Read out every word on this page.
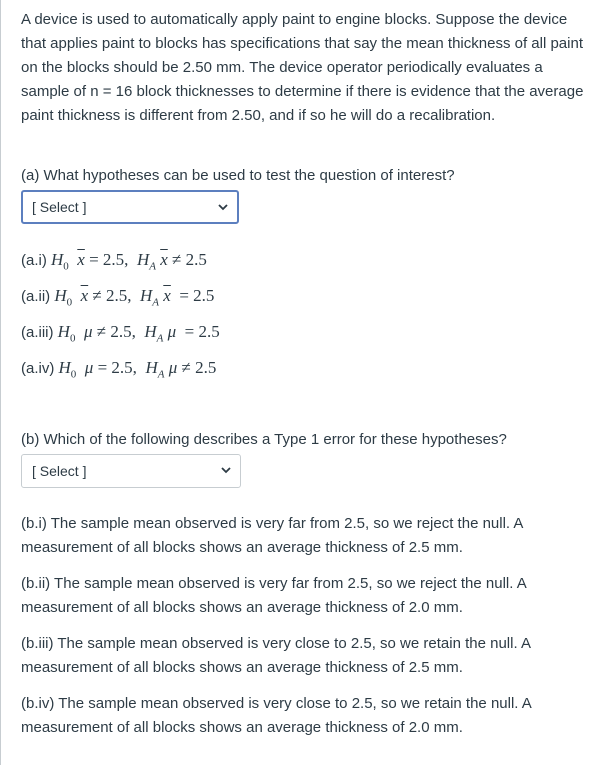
A device is used to automatically apply paint to engine blocks. Suppose the device that applies paint to blocks has specifications that say the mean thickness of all paint on the blocks should be 2.50 mm. The device operator periodically evaluates a sample of n = 16 block thicknesses to determine if there is evidence that the average paint thickness is different from 2.50, and if so he will do a recalibration.

(a) What hypotheses can be used to test the question of interest?

[ Select ]
(a.i) $H_0$ $\overline{x} = 2.5$,  $H_A$ $\overline{x} \ne 2.5$
(a.ii) $H_0$ $\overline{x} \ne 2.5$,  $H_A$ $\overline{x} = 2.5$
(a.iii) $H_0$ μ ≠ 2.5,  $H_A$ μ  = 2.5
(a.iv) $H_0$ μ = 2.5,  $H_A$ μ ≠ 2.5

(b) Which of the following describes a Type 1 error for these hypotheses?

[ Select ]

(b.i) The sample mean observed is very far from 2.5, so we reject the null. A measurement of all blocks shows an average thickness of 2.5 mm.

(b.ii) The sample mean observed is very far from 2.5, so we reject the null. A measurement of all blocks shows an average thickness of 2.0 mm.

(b.iii) The sample mean observed is very close to 2.5, so we retain the null. A measurement of all blocks shows an average thickness of 2.5 mm.

(b.iv) The sample mean observed is very close to 2.5, so we retain the null. A measurement of all blocks shows an average thickness of 2.0 mm.
